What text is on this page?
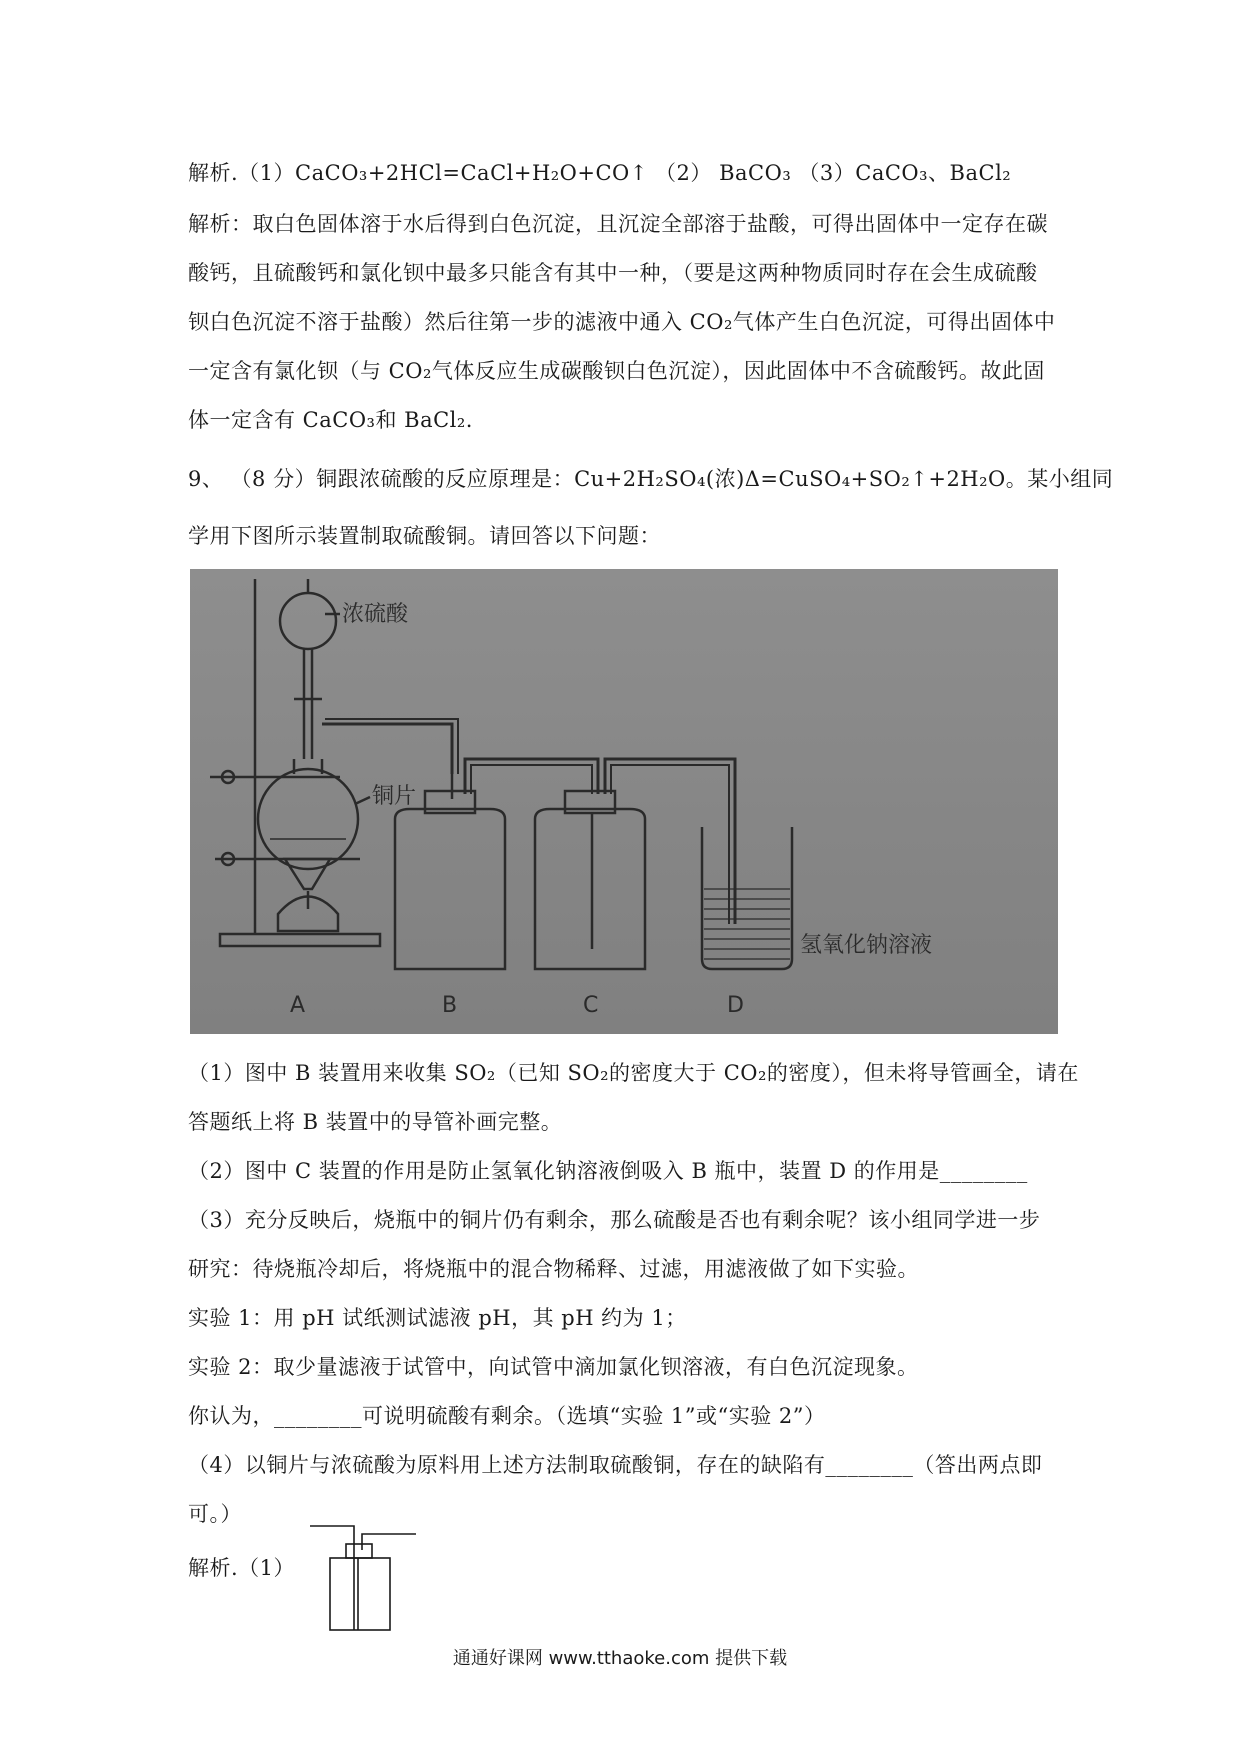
解析.（1）CaCO₃+2HCl=CaCl+H₂O+CO↑ （2） BaCO₃ （3）CaCO₃、BaCl₂
解析：取白色固体溶于水后得到白色沉淀，且沉淀全部溶于盐酸，可得出固体中一定存在碳
酸钙，且硫酸钙和氯化钡中最多只能含有其中一种，（要是这两种物质同时存在会生成硫酸
钡白色沉淀不溶于盐酸）然后往第一步的滤液中通入 CO₂气体产生白色沉淀，可得出固体中
一定含有氯化钡（与 CO₂气体反应生成碳酸钡白色沉淀），因此固体中不含硫酸钙。故此固
体一定含有 CaCO₃和 BaCl₂.
9、 （8 分）铜跟浓硫酸的反应原理是：Cu+2H₂SO₄(浓)Δ=CuSO₄+SO₂↑+2H₂O。某小组同
学用下图所示装置制取硫酸铜。请回答以下问题：
浓硫酸
铜片
氢氧化钠溶液
A	B	C	D
（1）图中 B 装置用来收集 SO₂（已知 SO₂的密度大于 CO₂的密度），但未将导管画全，请在
答题纸上将 B 装置中的导管补画完整。
（2）图中 C 装置的作用是防止氢氧化钠溶液倒吸入 B 瓶中，装置 D 的作用是________
（3）充分反映后，烧瓶中的铜片仍有剩余，那么硫酸是否也有剩余呢？该小组同学进一步
研究：待烧瓶冷却后，将烧瓶中的混合物稀释、过滤，用滤液做了如下实验。
实验 1：用 pH 试纸测试滤液 pH，其 pH 约为 1；
实验 2：取少量滤液于试管中，向试管中滴加氯化钡溶液，有白色沉淀现象。
你认为，________可说明硫酸有剩余。（选填“实验 1”或“实验 2”）
（4）以铜片与浓硫酸为原料用上述方法制取硫酸铜，存在的缺陷有________（答出两点即
可。）
解析.（1）
通通好课网 www.tthaoke.com 提供下载
